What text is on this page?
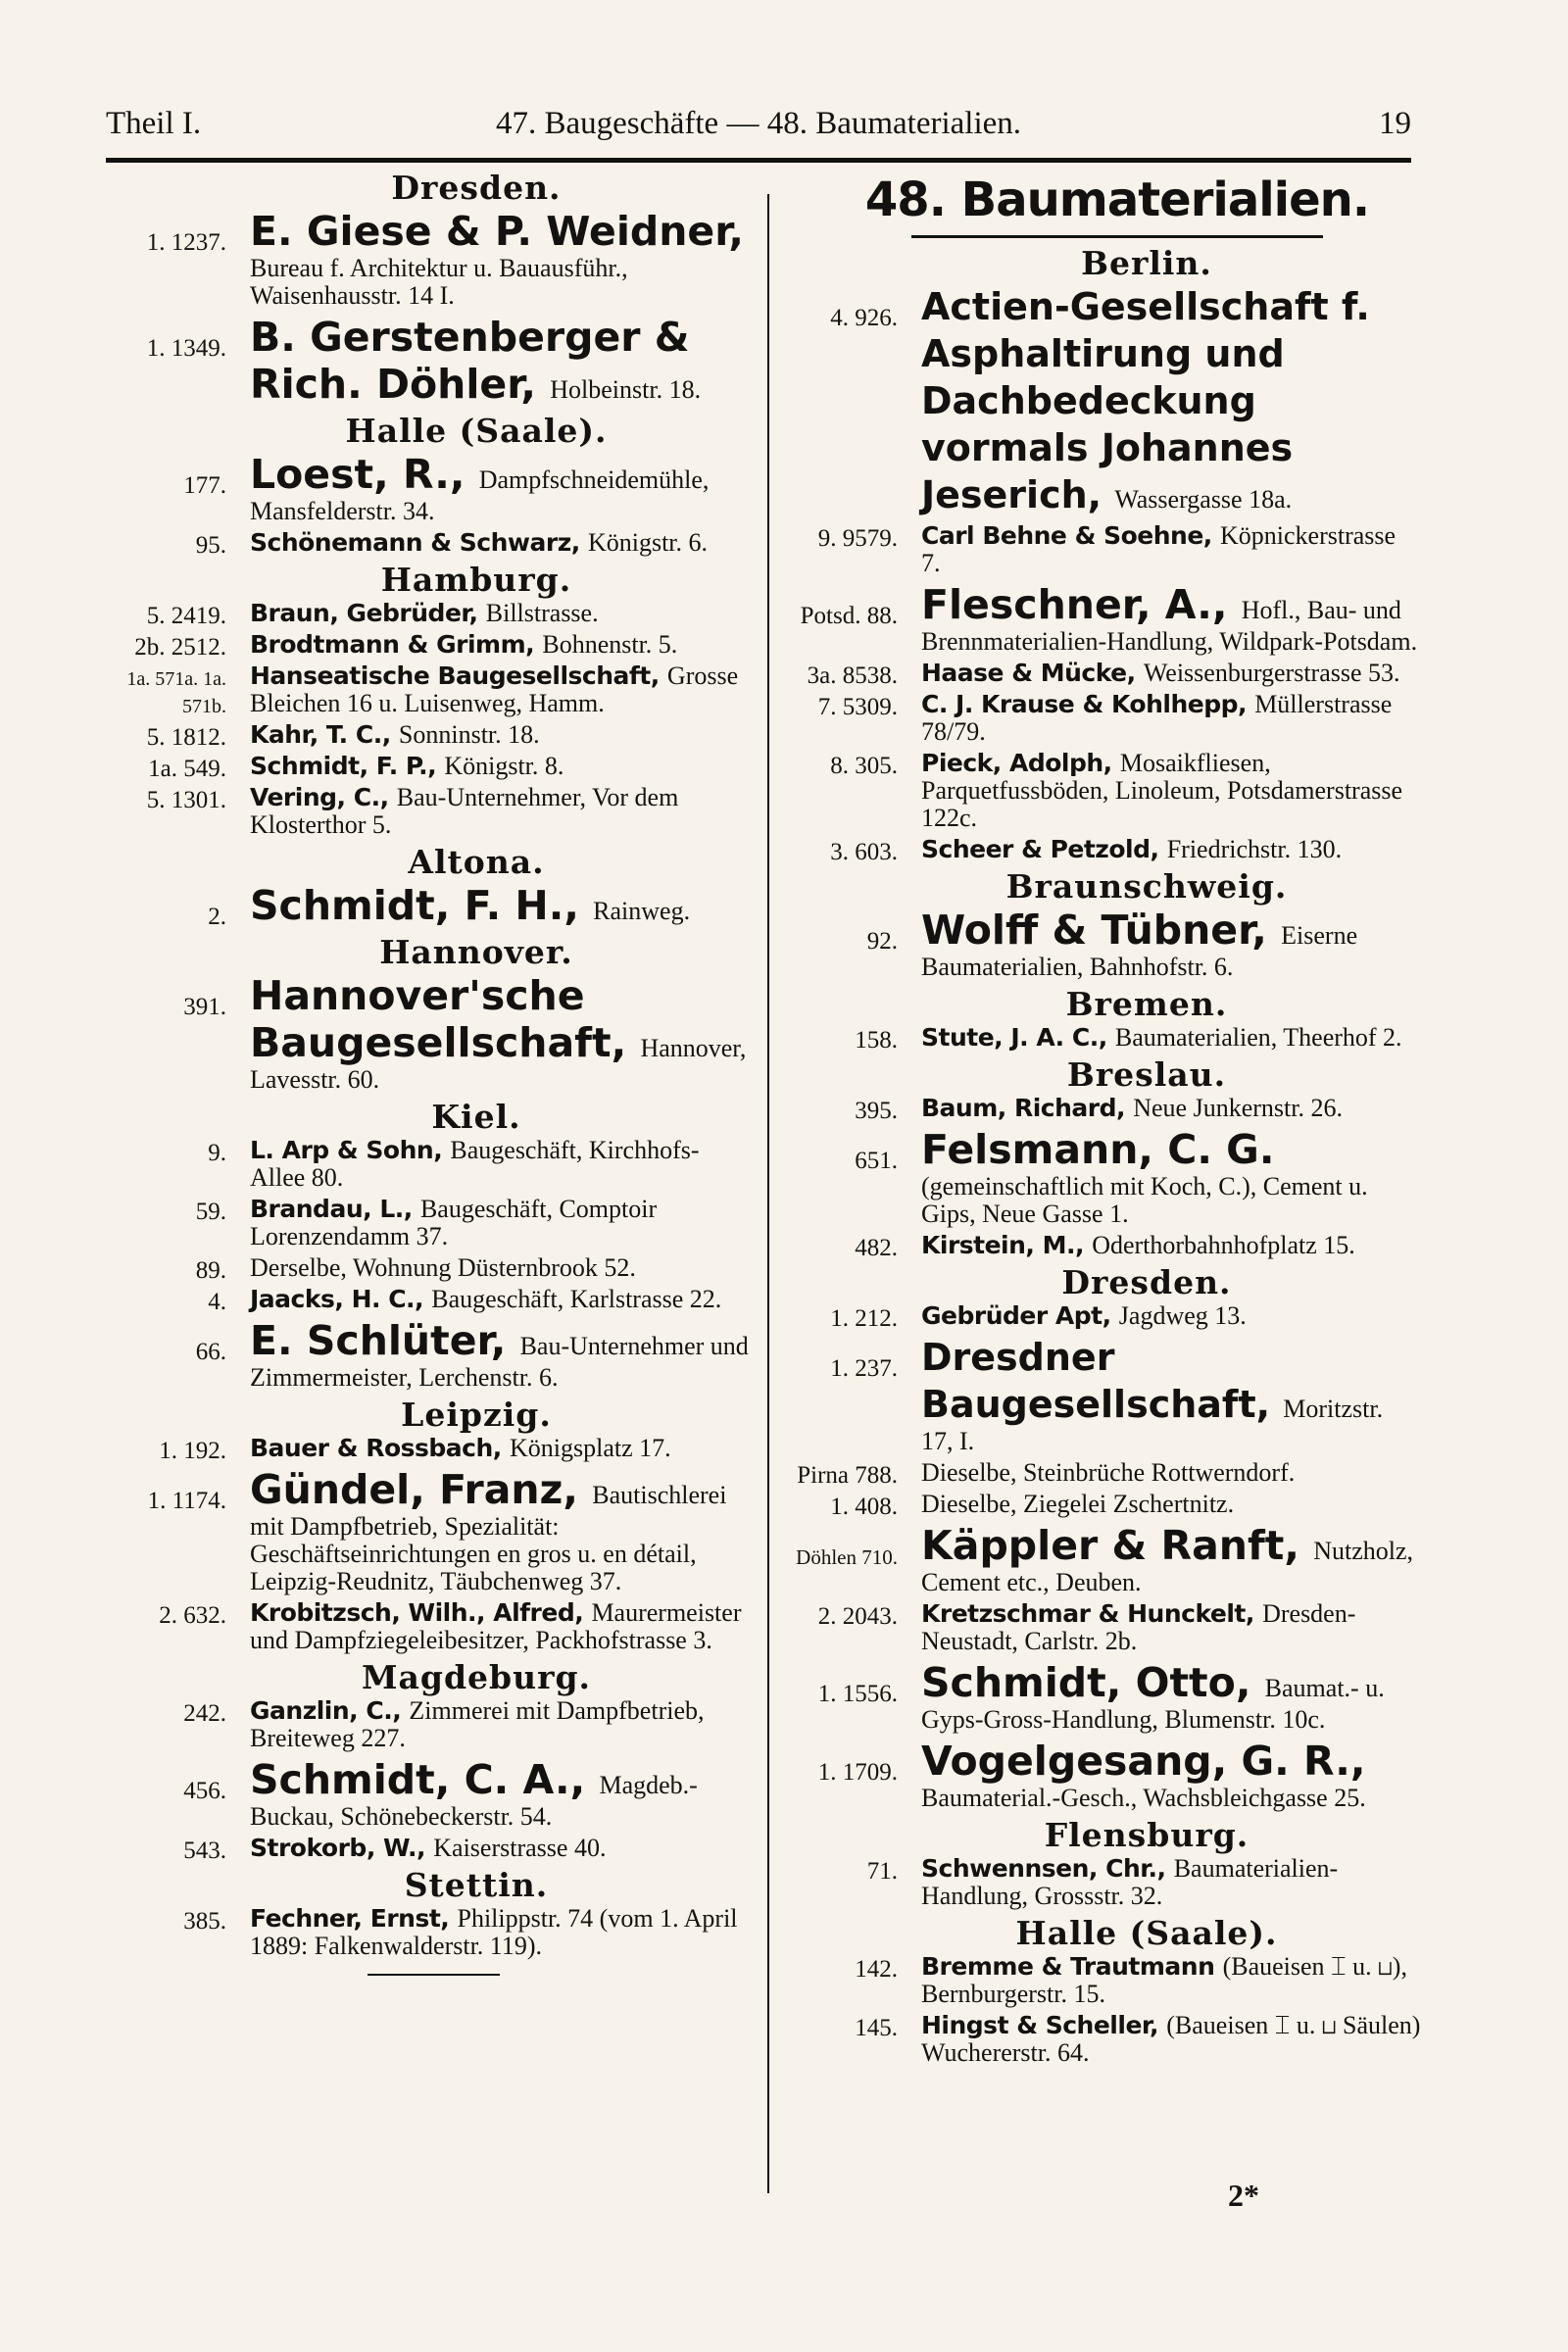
Theil I.	47. Baugeschäfte — 48. Baumaterialien.	19
Dresden.
1. 1237. E. Giese & P. Weidner, Bureau f. Architektur u. Bauausführ., Waisenhausstr. 14 I.
1. 1349. B. Gerstenberger & Rich. Döhler, Holbeinstr. 18.
Halle (Saale).
177. Loest, R., Dampfschneidemühle, Mansfelderstr. 34.
95. Schönemann & Schwarz, Königstr. 6.
Hamburg.
5. 2419. Braun, Gebrüder, Billstrasse.
2b. 2512. Brodtmann & Grimm, Bohnenstr. 5.
1a. 571a. 1a. 571b.
Hanseatische Baugesellschaft, Grosse Bleichen 16 u. Luisenweg, Hamm.
5. 1812. Kahr, T. C., Sonninstr. 18.
1a. 549. Schmidt, F. P., Königstr. 8.
5. 1301. Vering, C., Bau-Unternehmer, Vor dem Klosterthor 5.
Altona.
2. Schmidt, F. H., Rainweg.
Hannover.
391. Hannover'sche Baugesellschaft, Hannover, Lavesstr. 60.
Kiel.
9. L. Arp & Sohn, Baugeschäft, Kirchhofs-Allee 80.
59. Brandau, L., Baugeschäft, Comptoir Lorenzendamm 37.
89. Derselbe, Wohnung Düsternbrook 52.
4. Jaacks, H. C., Baugeschäft, Karlstrasse 22.
66. E. Schlüter, Bau-Unternehmer und Zimmermeister, Lerchenstr. 6.
Leipzig.
1. 192. Bauer & Rossbach, Königsplatz 17.
1. 1174. Gündel, Franz, Bautischlerei mit Dampfbetrieb, Spezialität: Geschäftseinrichtungen en gros u. en détail, Leipzig-Reudnitz, Täubchenweg 37.
2. 632. Krobitzsch, Wilh., Alfred, Maurermeister und Dampfziegeleibesitzer, Packhofstrasse 3.
Magdeburg.
242. Ganzlin, C., Zimmerei mit Dampfbetrieb, Breiteweg 227.
456. Schmidt, C. A., Magdeb.-Buckau, Schönebeckerstr. 54.
543. Strokorb, W., Kaiserstrasse 40.
Stettin.
385. Fechner, Ernst, Philippstr. 74 (vom 1. April 1889: Falkenwalderstr. 119).
48. Baumaterialien.
Berlin.
4. 926. Actien-Gesellschaft f. Asphaltirung und Dachbedeckung vormals Johannes Jeserich, Wassergasse 18a.
9. 9579. Carl Behne & Soehne, Köpnickerstrasse 7.
Potsd. 88. Fleschner, A., Hofl., Bau- und Brennmaterialien-Handlung, Wildpark-Potsdam.
3a. 8538. Haase & Mücke, Weissenburgerstrasse 53.
7. 5309. C. J. Krause & Kohlhepp, Müllerstrasse 78/79.
8. 305. Pieck, Adolph, Mosaikfliesen, Parquetfussböden, Linoleum, Potsdamerstrasse 122c.
3. 603. Scheer & Petzold, Friedrichstr. 130.
Braunschweig.
92. Wolff & Tübner, Eiserne Baumaterialien, Bahnhofstr. 6.
Bremen.
158. Stute, J. A. C., Baumaterialien, Theerhof 2.
Breslau.
395. Baum, Richard, Neue Junkernstr. 26.
651. Felsmann, C. G. (gemeinschaftlich mit Koch, C.), Cement u. Gips, Neue Gasse 1.
482. Kirstein, M., Oderthorbahnhofplatz 15.
Dresden.
1. 212. Gebrüder Apt, Jagdweg 13.
1. 237. Dresdner Baugesellschaft, Moritzstr. 17, I.
Pirna 788. Dieselbe, Steinbrüche Rottwerndorf.
1. 408. Dieselbe, Ziegelei Zschertnitz.
Döhlen 710. Käppler & Ranft, Nutzholz, Cement etc., Deuben.
2. 2043. Kretzschmar & Hunckelt, Dresden-Neustadt, Carlstr. 2b.
1. 1556. Schmidt, Otto, Baumat.- u. Gyps-Gross-Handlung, Blumenstr. 10c.
1. 1709. Vogelgesang, G. R., Baumaterial.-Gesch., Wachsbleichgasse 25.
Flensburg.
71. Schwennsen, Chr., Baumaterialien-Handlung, Grossstr. 32.
Halle (Saale).
142. Bremme & Trautmann (Baueisen ⌶ u. ⊔), Bernburgerstr. 15.
145. Hingst & Scheller, (Baueisen ⌶ u. ⊔ Säulen) Wuchererstr. 64.
2*
